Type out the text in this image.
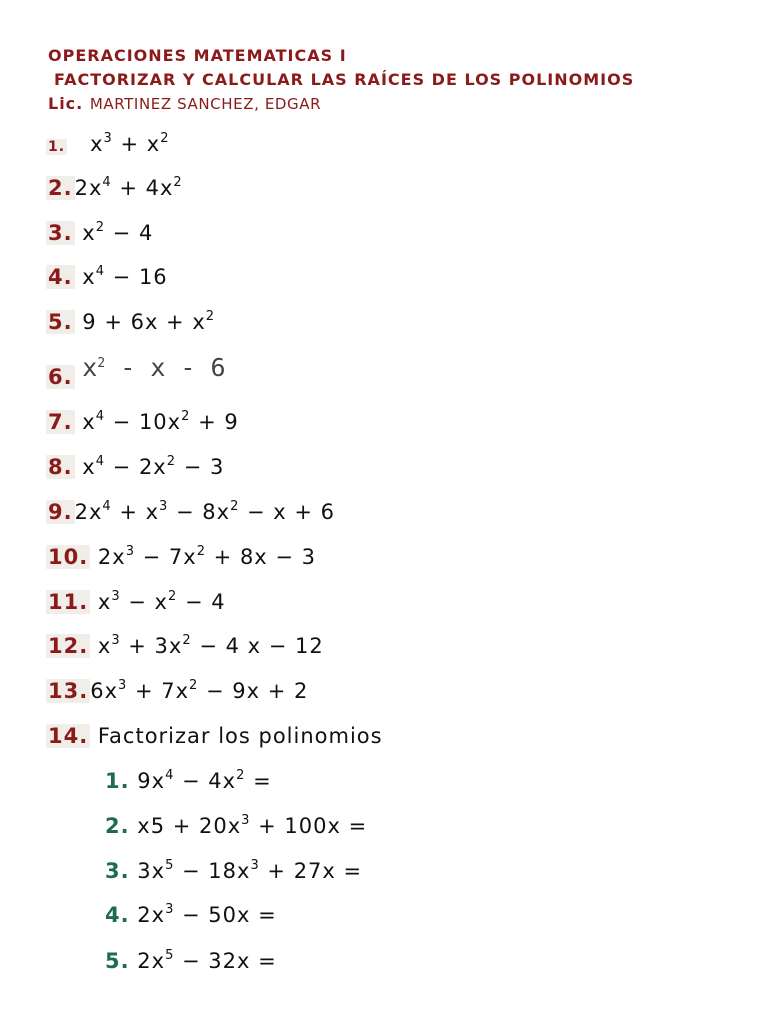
OPERACIONES MATEMATICAS I
FACTORIZAR Y CALCULAR LAS RAÍCES DE LOS POLINOMIOS
Lic. MARTINEZ SANCHEZ, EDGAR
1. $x^3 + x^2$
$2.2x^4 + 4x^2$
3. $x^2 - 4$
4. $x^4 - 16$
5. $9 + 6x + x^2$
6. $x^2$ - x - 6
7. $x^4 - 10x^2 + 9$
8. $x^4 - 2x^2 - 3$
$9.2x^4 + x^3 - 8x^2 - x + 6$
10. $2x^3 - 7x^2 + 8x - 3$
11. $x^3 - x^2 - 4$
12. $x^3 + 3x^2 - 4$ x − 12
$13.6x^3 + 7x^2 - 9x + 2$
14. Factorizar los polinomios
1. $9x^4 - 4x^2$ =
2. $x5 + 20x^3 + 100x$ =
3. $3x^5 - 18x^3 + 27x$ =
4. $2x^3 - 50x$ =
5. $2x^5 - 32x$ =
